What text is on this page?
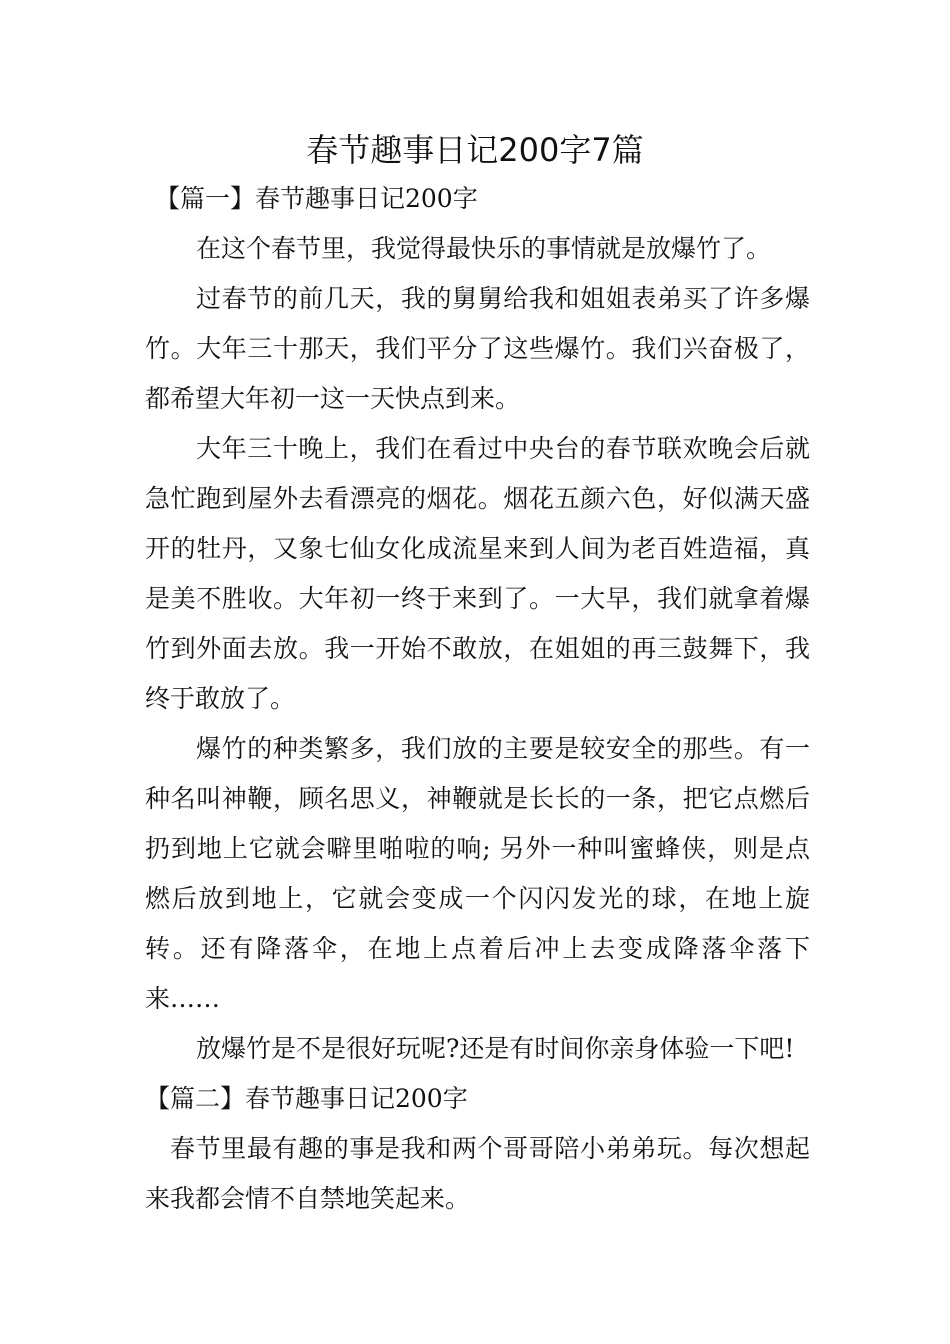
春节趣事日记200字7篇

【篇一】春节趣事日记200字

在这个春节里，我觉得最快乐的事情就是放爆竹了。

过春节的前几天，我的舅舅给我和姐姐表弟买了许多爆竹。大年三十那天，我们平分了这些爆竹。我们兴奋极了，都希望大年初一这一天快点到来。

大年三十晚上，我们在看过中央台的春节联欢晚会后就急忙跑到屋外去看漂亮的烟花。烟花五颜六色，好似满天盛开的牡丹，又象七仙女化成流星来到人间为老百姓造福，真是美不胜收。大年初一终于来到了。一大早，我们就拿着爆竹到外面去放。我一开始不敢放，在姐姐的再三鼓舞下，我终于敢放了。

爆竹的种类繁多，我们放的主要是较安全的那些。有一种名叫神鞭，顾名思义，神鞭就是长长的一条，把它点燃后扔到地上它就会噼里啪啦的响; 另外一种叫蜜蜂侠，则是点燃后放到地上，它就会变成一个闪闪发光的球，在地上旋转。还有降落伞，在地上点着后冲上去变成降落伞落下来……

放爆竹是不是很好玩呢?还是有时间你亲身体验一下吧!

【篇二】春节趣事日记200字

春节里最有趣的事是我和两个哥哥陪小弟弟玩。每次想起来我都会情不自禁地笑起来。
